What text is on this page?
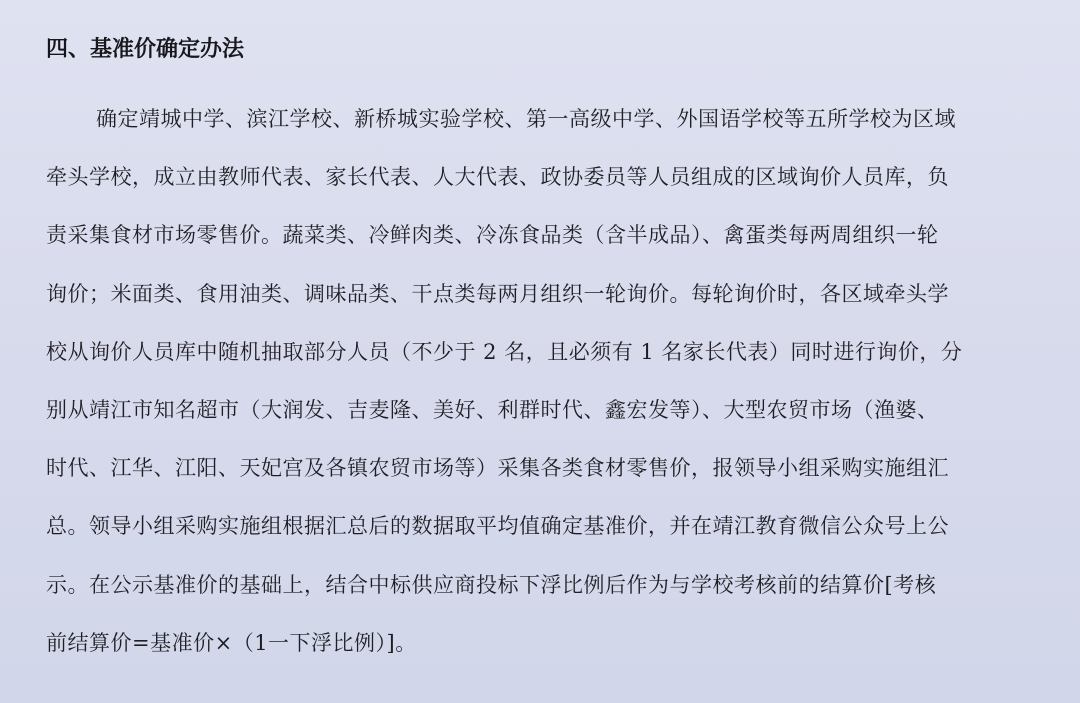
四、基准价确定办法
确定靖城中学、滨江学校、新桥城实验学校、第一高级中学、外国语学校等五所学校为区域
牵头学校，成立由教师代表、家长代表、人大代表、政协委员等人员组成的区域询价人员库，负
责采集食材市场零售价。蔬菜类、冷鲜肉类、冷冻食品类（含半成品）、禽蛋类每两周组织一轮
询价；米面类、食用油类、调味品类、干点类每两月组织一轮询价。每轮询价时，各区域牵头学
校从询价人员库中随机抽取部分人员（不少于 2 名，且必须有 1 名家长代表）同时进行询价，分
别从靖江市知名超市（大润发、吉麦隆、美好、利群时代、鑫宏发等）、大型农贸市场（渔婆、
时代、江华、江阳、天妃宫及各镇农贸市场等）采集各类食材零售价，报领导小组采购实施组汇
总。领导小组采购实施组根据汇总后的数据取平均值确定基准价，并在靖江教育微信公众号上公
示。在公示基准价的基础上，结合中标供应商投标下浮比例后作为与学校考核前的结算价[考核
前结算价=基准价×（1一下浮比例）]。
